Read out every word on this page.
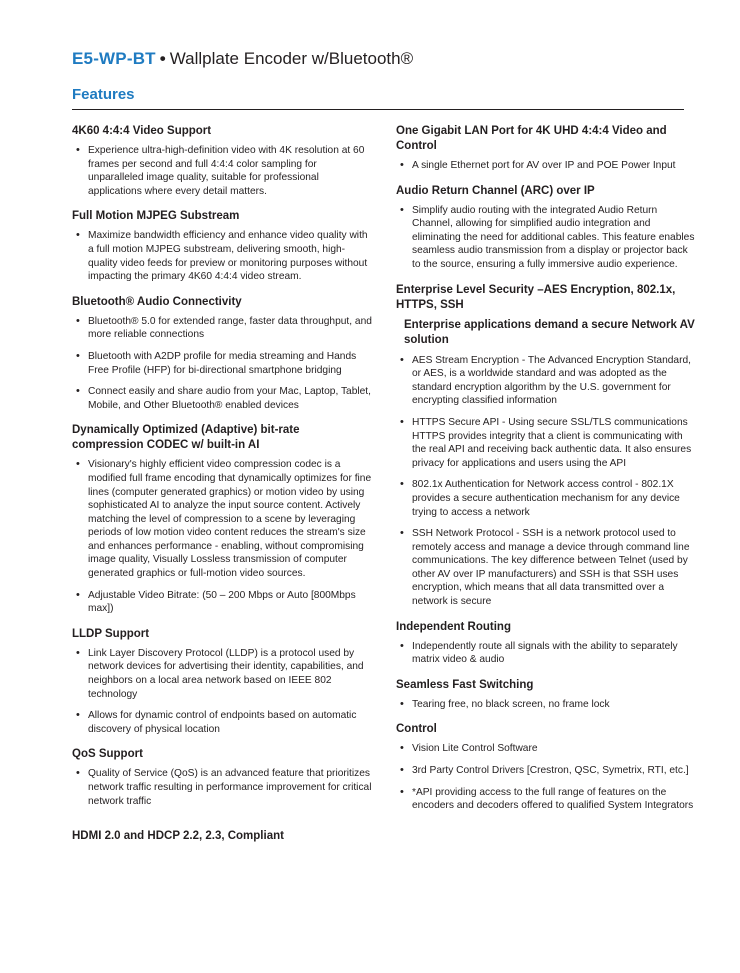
E5-WP-BT • Wallplate Encoder w/Bluetooth®
Features
4K60 4:4:4 Video Support
• Experience ultra-high-definition video with 4K resolution at 60 frames per second and full 4:4:4 color sampling for unparalleled image quality, suitable for professional applications where every detail matters.
Full Motion MJPEG Substream
• Maximize bandwidth efficiency and enhance video quality with a full motion MJPEG substream, delivering smooth, high-quality video feeds for preview or monitoring purposes without impacting the primary 4K60 4:4:4 video stream.
Bluetooth® Audio Connectivity
• Bluetooth® 5.0 for extended range, faster data throughput, and more reliable connections
• Bluetooth with A2DP profile for media streaming and Hands Free Profile (HFP) for bi-directional smartphone bridging
• Connect easily and share audio from your Mac, Laptop, Tablet, Mobile, and Other Bluetooth® enabled devices
Dynamically Optimized (Adaptive) bit-rate compression CODEC w/ built-in AI
• Visionary's highly efficient video compression codec is a modified full frame encoding that dynamically optimizes for fine lines (computer generated graphics) or motion video by using sophisticated AI to analyze the input source content. Actively matching the level of compression to a scene by leveraging periods of low motion video content reduces the stream's size and enhances performance - enabling, without compromising image quality, Visually Lossless transmission of computer generated graphics or full-motion video sources.
• Adjustable Video Bitrate: (50 – 200 Mbps or Auto [800Mbps max])
LLDP Support
• Link Layer Discovery Protocol (LLDP) is a protocol used by network devices for advertising their identity, capabilities, and neighbors on a local area network based on IEEE 802 technology
• Allows for dynamic control of endpoints based on automatic discovery of physical location
QoS Support
• Quality of Service (QoS) is an advanced feature that prioritizes network traffic resulting in performance improvement for critical network traffic
HDMI 2.0 and HDCP 2.2, 2.3, Compliant
One Gigabit LAN Port for 4K UHD 4:4:4 Video and Control
• A single Ethernet port for AV over IP and POE Power Input
Audio Return Channel (ARC) over IP
• Simplify audio routing with the integrated Audio Return Channel, allowing for simplified audio integration and eliminating the need for additional cables. This feature enables seamless audio transmission from a display or projector back to the source, ensuring a fully immersive audio experience.
Enterprise Level Security –AES Encryption, 802.1x, HTTPS, SSH
Enterprise applications demand a secure Network AV solution
• AES Stream Encryption - The Advanced Encryption Standard, or AES, is a worldwide standard and was adopted as the standard encryption algorithm by the U.S. government for encrypting classified information
• HTTPS Secure API - Using secure SSL/TLS communications HTTPS provides integrity that a client is communicating with the real API and receiving back authentic data. It also ensures privacy for applications and users using the API
• 802.1x Authentication for Network access control - 802.1X provides a secure authentication mechanism for any device trying to access a network
• SSH Network Protocol - SSH is a network protocol used to remotely access and manage a device through command line communications. The key difference between Telnet (used by other AV over IP manufacturers) and SSH is that SSH uses encryption, which means that all data transmitted over a network is secure
Independent Routing
• Independently route all signals with the ability to separately matrix video & audio
Seamless Fast Switching
• Tearing free, no black screen, no frame lock
Control
• Vision Lite Control Software
• 3rd Party Control Drivers [Crestron, QSC, Symetrix, RTI, etc.]
• *API providing access to the full range of features on the encoders and decoders offered to qualified System Integrators
